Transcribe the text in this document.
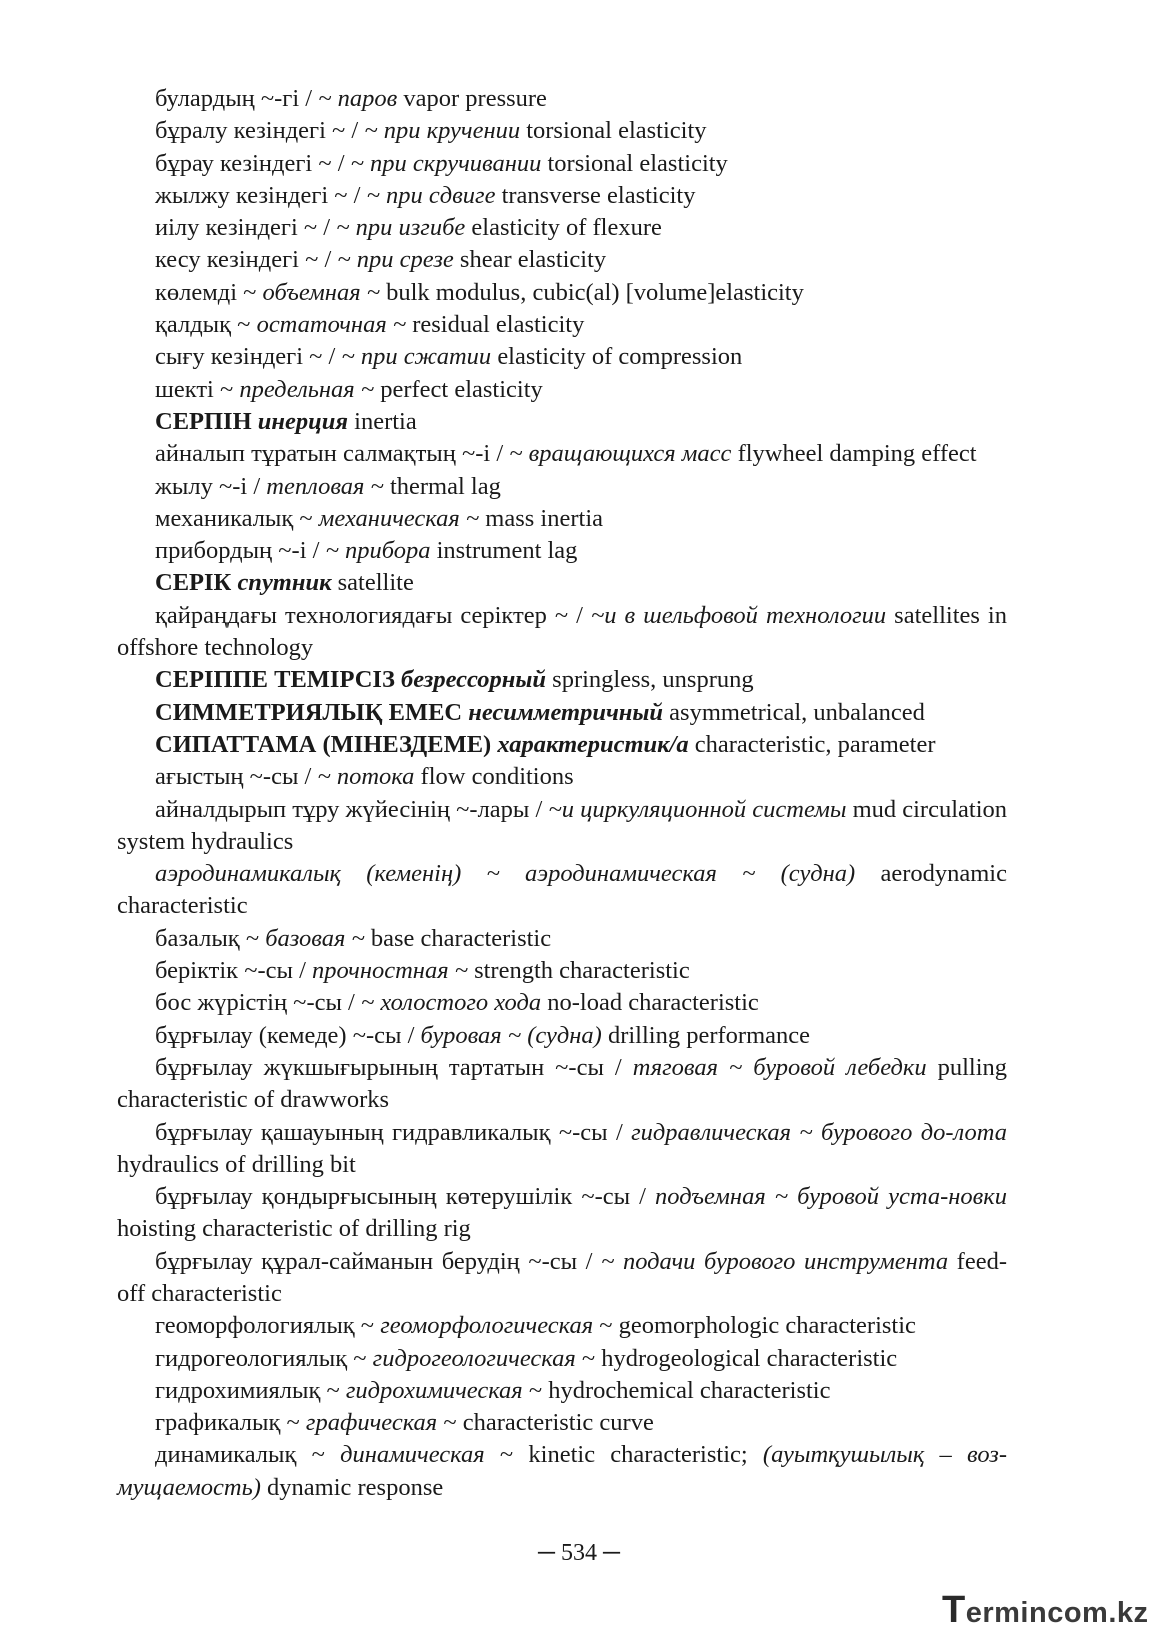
булардың ~-гі / ~ паров vapor pressure

бұралу кезіндегі ~ / ~ при кручении torsional elasticity

бұрау кезіндегі ~ / ~ при скручивании torsional elasticity

жылжу кезіндегі ~ / ~ при сдвиге transverse elasticity

иілу кезіндегі ~ / ~ при изгибе elasticity of flexure

кесу кезіндегі ~ / ~ при срезе shear elasticity

көлемді ~ объемная ~ bulk modulus, cubic(al) [volume]elasticity

қалдық ~ остаточная ~ residual elasticity

сығу кезіндегі ~ / ~ при сжатии elasticity of compression

шекті ~ предельная ~ perfect elasticity

СЕРПІН инерция inertia

айналып тұратын салмақтың ~-і / ~ вращающихся масс flywheel damping effect

жылу ~-і / тепловая ~ thermal lag

механикалық ~ механическая ~ mass inertia

прибордың ~-і / ~ прибора instrument lag

СЕРІК спутник satellite

қайраңдағы технологиядағы серіктер ~ / ~и в шельфовой технологии satellites in offshore technology

СЕРІППЕ ТЕМІРСІЗ безрессорный springless, unsprung

СИММЕТРИЯЛЫҚ ЕМЕС несимметричный asymmetrical, unbalanced

СИПАТТАМА (МІНЕЗДЕМЕ) характеристик/а characteristic, parameter

ағыстың ~-сы / ~ потока flow conditions

айналдырып тұру жүйесінің ~-лары / ~и циркуляционной системы mud circulation system hydraulics

аэродинамикалық (кеменің) ~ аэродинамическая ~ (судна) aerodynamic characteristic

базалық ~ базовая ~ base characteristic

беріктік ~-сы / прочностная ~ strength characteristic

бос жүрістің ~-сы / ~ холостого хода no-load characteristic

бұрғылау (кемеде) ~-сы / буровая ~ (судна) drilling performance

бұрғылау жүкшығырының тартатын ~-сы / тяговая ~ буровой лебедки pulling characteristic of drawworks

бұрғылау қашауының гидравликалық ~-сы / гидравлическая ~ бурового до-лота hydraulics of drilling bit

бұрғылау қондырғысының көтерушілік ~-сы / подъемная ~ буровой уста-новки hoisting characteristic of drilling rig

бұрғылау құрал-сайманын берудің ~-сы / ~ подачи бурового инструмента feed-off characteristic

геоморфологиялық ~ геоморфологическая ~ geomorphologic characteristic

гидрогеологиялық ~ гидрогеологическая ~ hydrogeological characteristic

гидрохимиялық ~ гидрохимическая ~ hydrochemical characteristic

графикалық ~ графическая ~ characteristic curve

динамикалық ~ динамическая ~ kinetic characteristic; (ауытқушылық – воз-мущаемость) dynamic response

─ 534 ─
Termincom.kz
